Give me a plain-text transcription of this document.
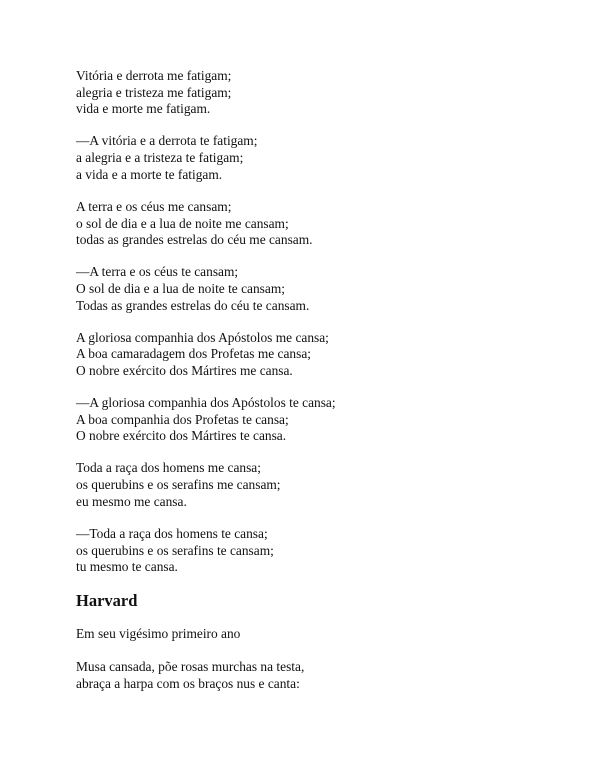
Vitória e derrota me fatigam;
alegria e tristeza me fatigam;
vida e morte me fatigam.
—A vitória e a derrota te fatigam;
a alegria e a tristeza te fatigam;
a vida e a morte te fatigam.
A terra e os céus me cansam;
o sol de dia e a lua de noite me cansam;
todas as grandes estrelas do céu me cansam.
—A terra e os céus te cansam;
O sol de dia e a lua de noite te cansam;
Todas as grandes estrelas do céu te cansam.
A gloriosa companhia dos Apóstolos me cansa;
A boa camaradagem dos Profetas me cansa;
O nobre exército dos Mártires me cansa.
—A gloriosa companhia dos Apóstolos te cansa;
A boa companhia dos Profetas te cansa;
O nobre exército dos Mártires te cansa.
Toda a raça dos homens me cansa;
os querubins e os serafins me cansam;
eu mesmo me cansa.
—Toda a raça dos homens te cansa;
os querubins e os serafins te cansam;
tu mesmo te cansa.
Harvard
Em seu vigésimo primeiro ano
Musa cansada, põe rosas murchas na testa,
abraça a harpa com os braços nus e canta:
